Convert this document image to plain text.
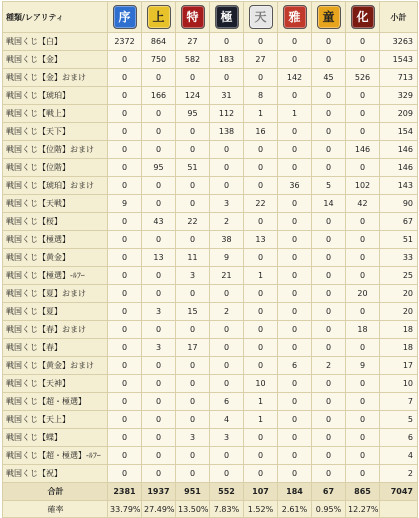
種類/レアリティ	序	上	特	極	天	雅	童	化	小計
戦国くじ【白】	2372	864	27	0	0	0	0	0	3263
戦国くじ【金】	0	750	582	183	27	0	0	0	1543
戦国くじ【金】おまけ	0	0	0	0	0	142	45	526	713
戦国くじ【琥珀】	0	166	124	31	8	0	0	0	329
戦国くじ【戦上】	0	0	95	112	1	1	0	0	209
戦国くじ【天下】	0	0	0	138	16	0	0	0	154
戦国くじ【位階】おまけ	0	0	0	0	0	0	0	146	146
戦国くじ【位階】	0	95	51	0	0	0	0	0	146
戦国くじ【琥珀】おまけ	0	0	0	0	0	36	5	102	143
戦国くじ【天戦】	9	0	0	3	22	0	14	42	90
戦国くじ【桜】	0	43	22	2	0	0	0	0	67
戦国くじ【極選】	0	0	0	38	13	0	0	0	51
戦国くじ【黄金】	0	13	11	9	0	0	0	0	33
戦国くじ【極選】-ﾙﾌｰ	0	0	3	21	1	0	0	0	25
戦国くじ【夏】おまけ	0	0	0	0	0	0	0	20	20
戦国くじ【夏】	0	3	15	2	0	0	0	0	20
戦国くじ【春】おまけ	0	0	0	0	0	0	0	18	18
戦国くじ【春】	0	3	17	0	0	0	0	0	18
戦国くじ【黄金】おまけ	0	0	0	0	0	6	2	9	17
戦国くじ【天神】	0	0	0	0	10	0	0	0	10
戦国くじ【超・極選】	0	0	0	6	1	0	0	0	7
戦国くじ【天上】	0	0	0	4	1	0	0	0	5
戦国くじ【蝶】	0	0	3	3	0	0	0	0	6
戦国くじ【超・極選】-ﾙﾌｰ	0	0	0	0	0	0	0	0	4
戦国くじ【祝】	0	0	0	0	0	0	0	0	2
合計	2381	1937	951	552	107	184	67	865	7047
確率	33.79%	27.49%	13.50%	7.83%	1.52%	2.61%	0.95%	12.27%	
